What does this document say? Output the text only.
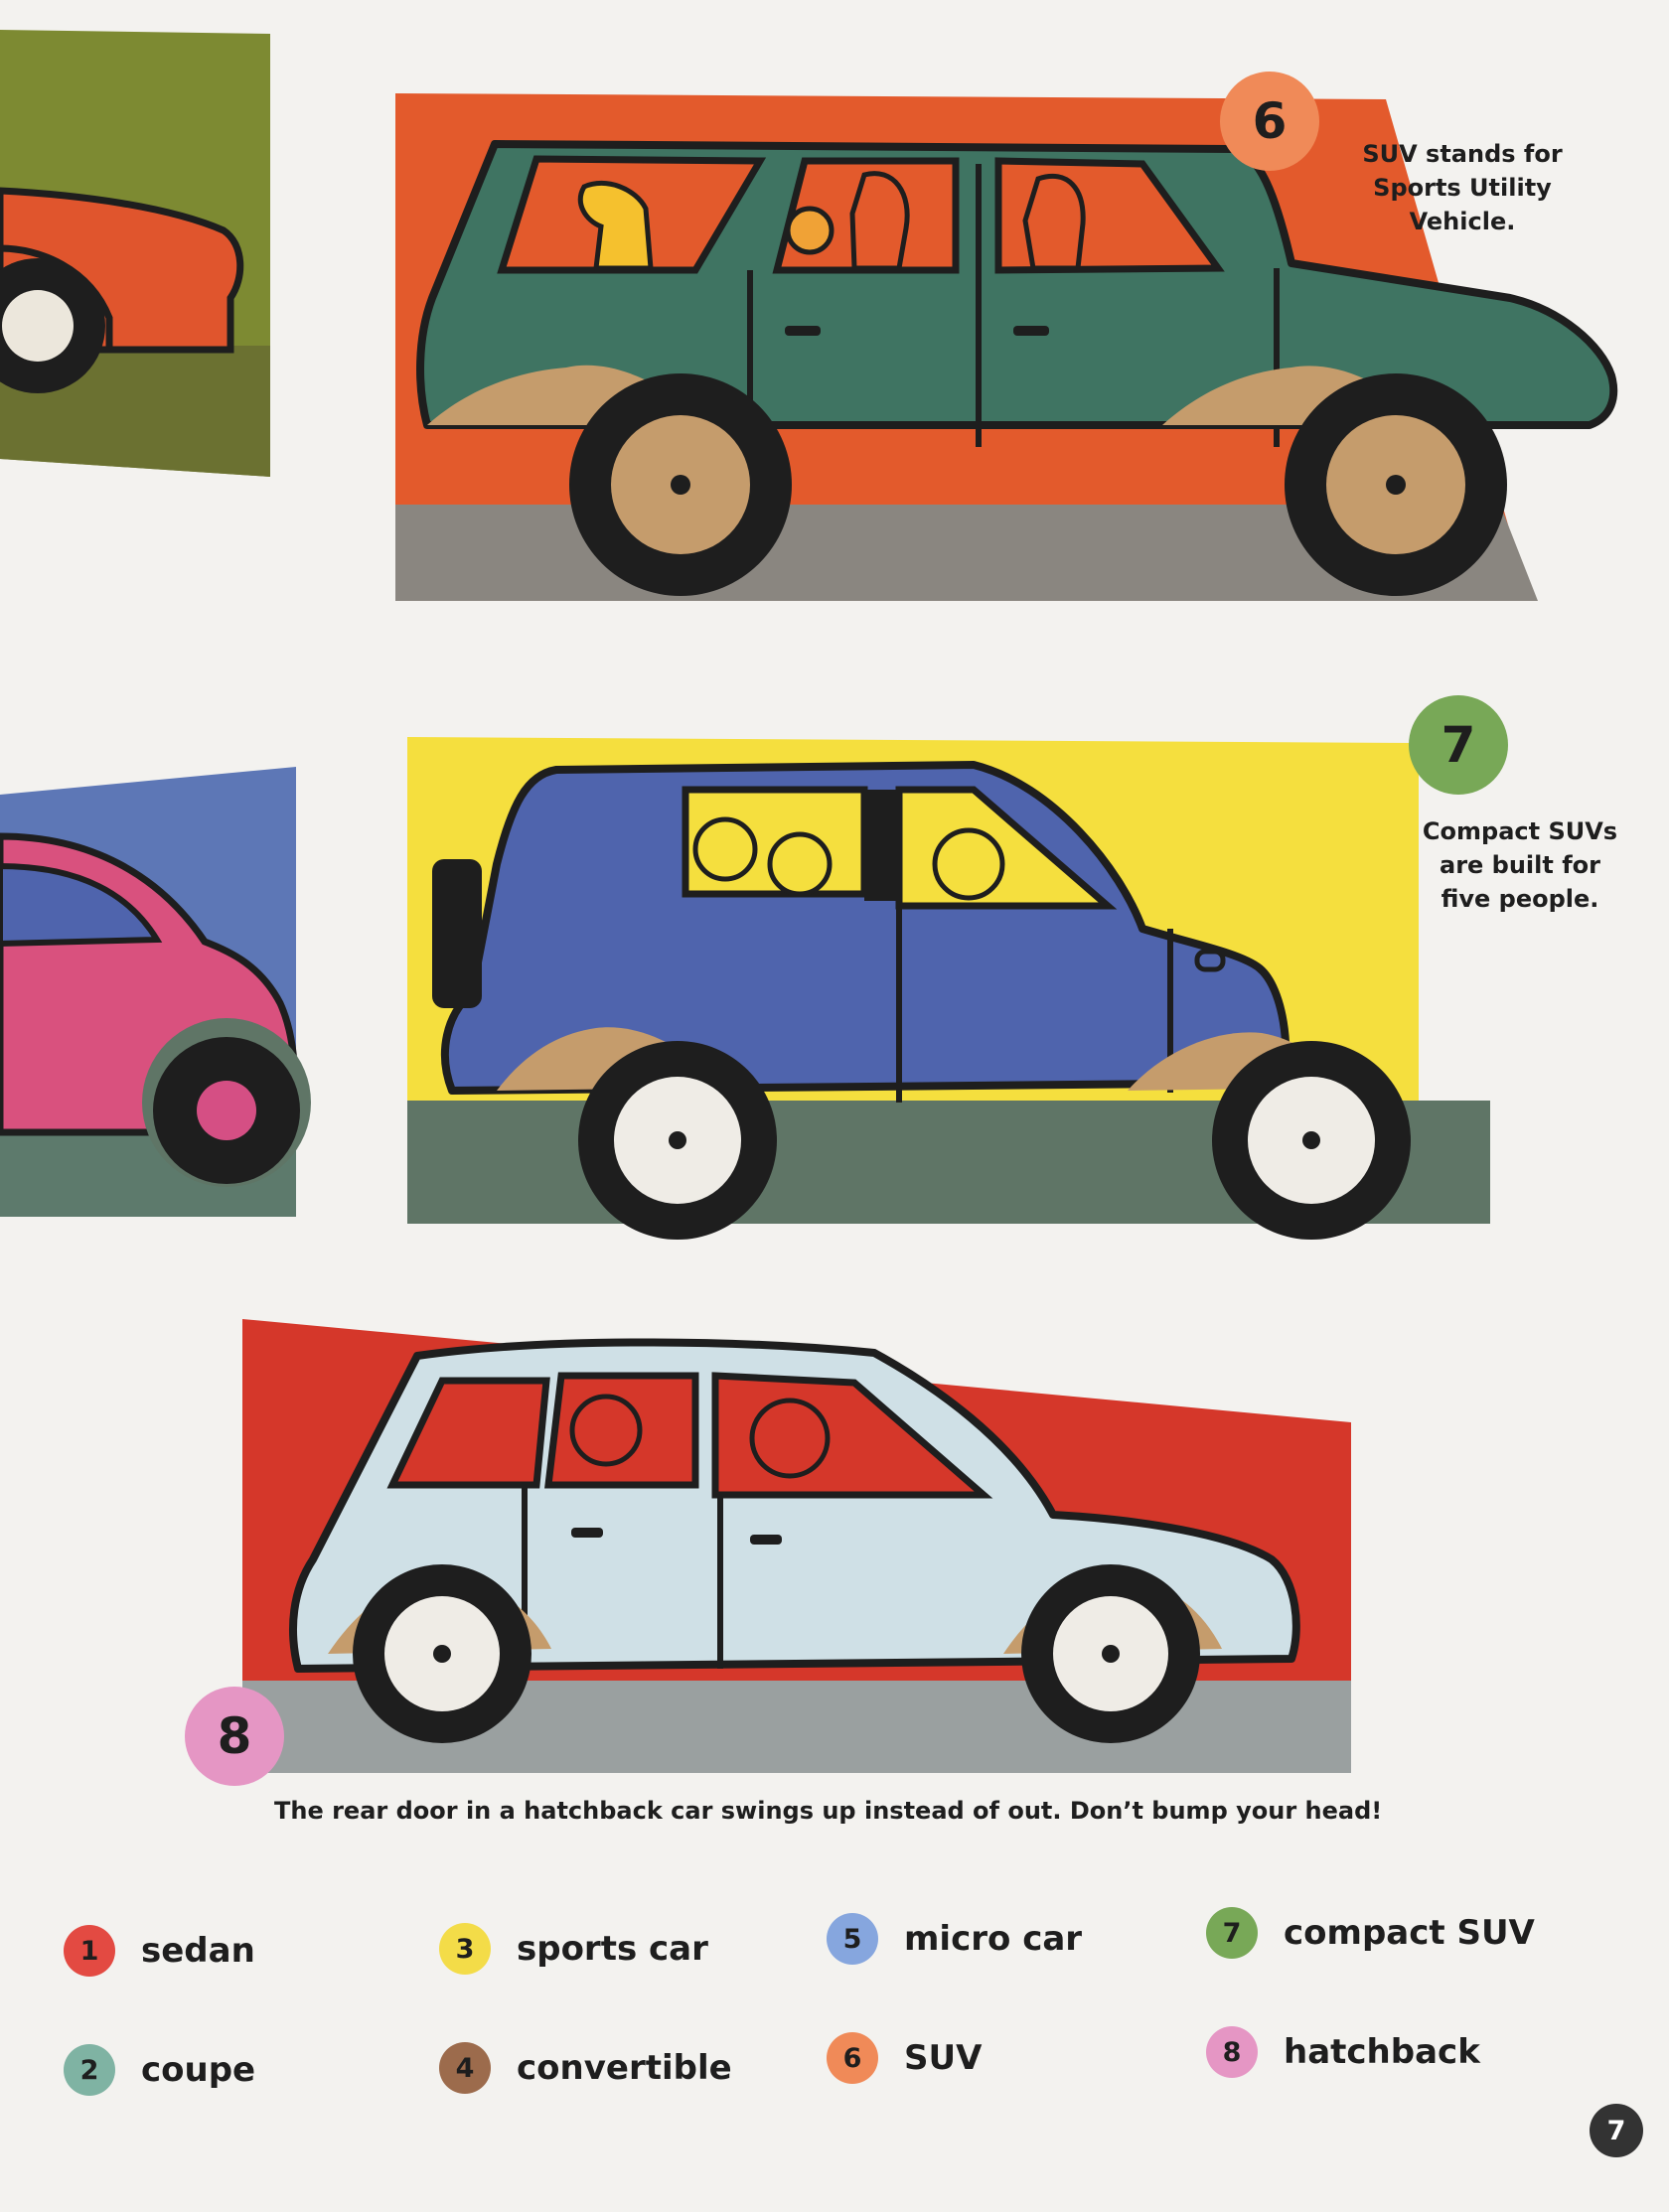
6
SUV stands for
Sports Utility
Vehicle.
7
Compact SUVs
are built for
five people.
8
The rear door in a hatchback car swings up instead of out. Don’t bump your head!
1	sedan
2	coupe
3	sports car
4	convertible
5	micro car
6	SUV
7	compact SUV
8	hatchback
7
